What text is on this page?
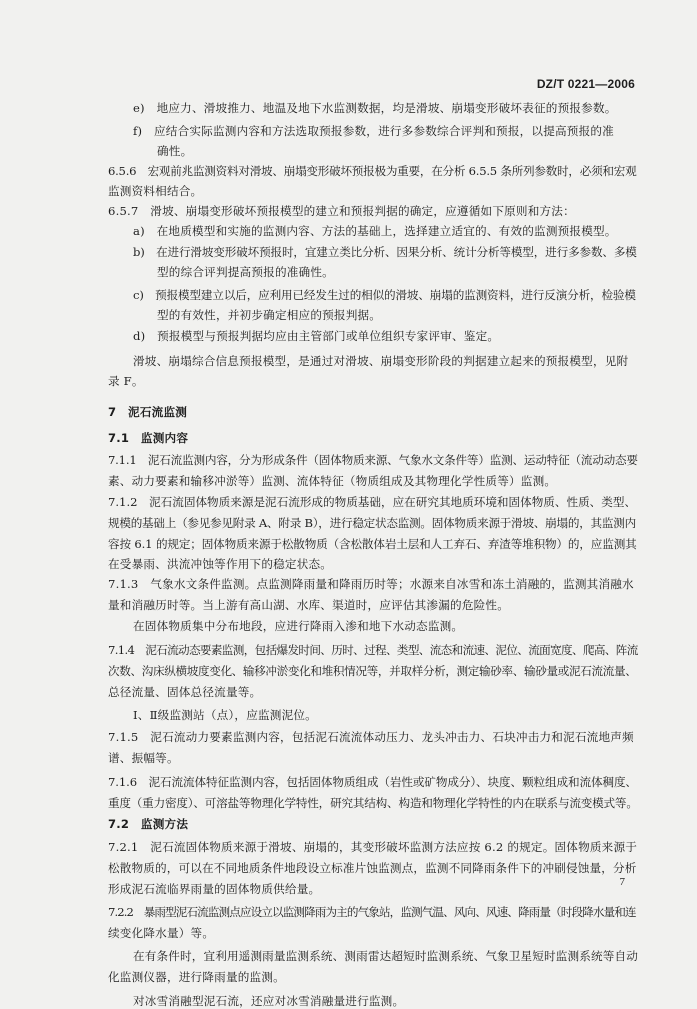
DZ/T 0221—2006
e)　地应力、滑坡推力、地温及地下水监测数据，均是滑坡、崩塌变形破坏表征的预报参数。
f)　应结合实际监测内容和方法选取预报参数，进行多参数综合评判和预报，以提高预报的准
确性。
6.5.6　宏观前兆监测资料对滑坡、崩塌变形破坏预报极为重要，在分析 6.5.5 条所列参数时，必须和宏观
监测资料相结合。
6.5.7　滑坡、崩塌变形破坏预报模型的建立和预报判据的确定，应遵循如下原则和方法：
a)　在地质模型和实施的监测内容、方法的基础上，选择建立适宜的、有效的监测预报模型。
b)　在进行滑坡变形破坏预报时，宜建立类比分析、因果分析、统计分析等模型，进行多参数、多模
型的综合评判提高预报的准确性。
c)　预报模型建立以后，应利用已经发生过的相似的滑坡、崩塌的监测资料，进行反演分析，检验模
型的有效性，并初步确定相应的预报判据。
d)　预报模型与预报判据均应由主管部门或单位组织专家评审、鉴定。
滑坡、崩塌综合信息预报模型，是通过对滑坡、崩塌变形阶段的判据建立起来的预报模型，见附
录 F。
7　泥石流监测
7.1　监测内容
7.1.1　泥石流监测内容，分为形成条件（固体物质来源、气象水文条件等）监测、运动特征（流动动态要
素、动力要素和输移冲淤等）监测、流体特征（物质组成及其物理化学性质等）监测。
7.1.2　泥石流固体物质来源是泥石流形成的物质基础，应在研究其地质环境和固体物质、性质、类型、
规模的基础上（参见参见附录 A、附录 B），进行稳定状态监测。固体物质来源于滑坡、崩塌的，其监测内
容按 6.1 的规定；固体物质来源于松散物质（含松散体岩土层和人工弃石、弃渣等堆积物）的，应监测其
在受暴雨、洪流冲蚀等作用下的稳定状态。
7.1.3　气象水文条件监测。点监测降雨量和降雨历时等；水源来自冰雪和冻土消融的，监测其消融水
量和消融历时等。当上游有高山湖、水库、渠道时，应评估其渗漏的危险性。
在固体物质集中分布地段，应进行降雨入渗和地下水动态监测。
7.1.4　泥石流动态要素监测，包括爆发时间、历时、过程、类型、流态和流速、泥位、流面宽度、爬高、阵流
次数、沟床纵横坡度变化、输移冲淤变化和堆积情况等，并取样分析，测定输砂率、输砂量或泥石流流量、
总径流量、固体总径流量等。
Ⅰ、Ⅱ级监测站（点），应监测泥位。
7.1.5　泥石流动力要素监测内容，包括泥石流流体动压力、龙头冲击力、石块冲击力和泥石流地声频
谱、振幅等。
7.1.6　泥石流流体特征监测内容，包括固体物质组成（岩性或矿物成分）、块度、颗粒组成和流体稠度、
重度（重力密度）、可溶盐等物理化学特性，研究其结构、构造和物理化学特性的内在联系与流变模式等。
7.2　监测方法
7.2.1　泥石流固体物质来源于滑坡、崩塌的，其变形破坏监测方法应按 6.2 的规定。固体物质来源于
松散物质的，可以在不同地质条件地段设立标准片蚀监测点，监测不同降雨条件下的冲刷侵蚀量，分析
形成泥石流临界雨量的固体物质供给量。
7.2.2　暴雨型泥石流监测点应设立以监测降雨为主的气象站，监测气温、风向、风速、降雨量（时段降水量和连
续变化降水量）等。
在有条件时，宜利用遥测雨量监测系统、测雨雷达超短时监测系统、气象卫星短时监测系统等自动
化监测仪器，进行降雨量的监测。
对冰雪消融型泥石流，还应对冰雪消融量进行监测。
7
